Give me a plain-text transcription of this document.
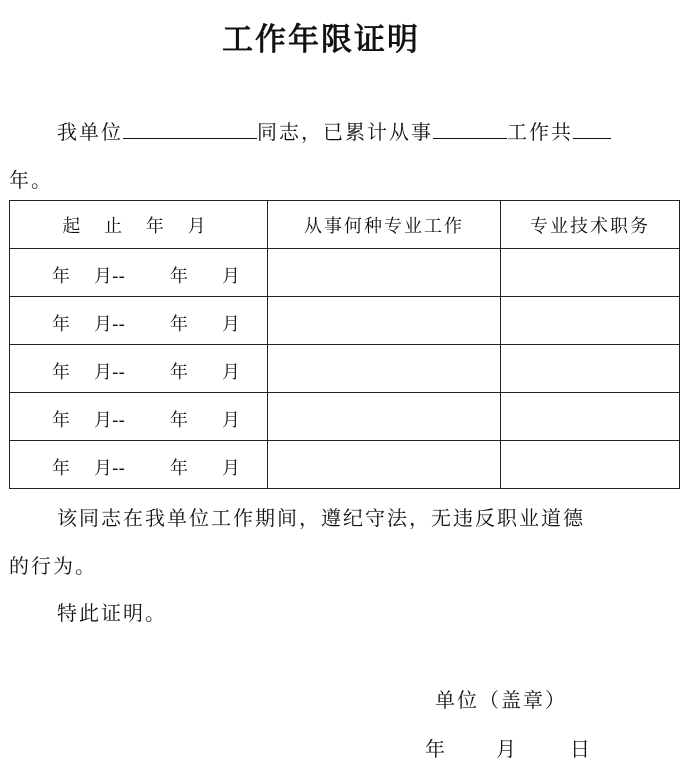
工作年限证明
我单位	同志，已累计从事	工作共
年。
起 止 年 月	从事何种专业工作	专业技术职务

年 月-- 年 月		

年 月-- 年 月		

年 月-- 年 月		

年 月-- 年 月		

年 月-- 年 月		

该同志在我单位工作期间，遵纪守法，无违反职业道德
的行为。
特此证明。
单位（盖章）
年 月	日
